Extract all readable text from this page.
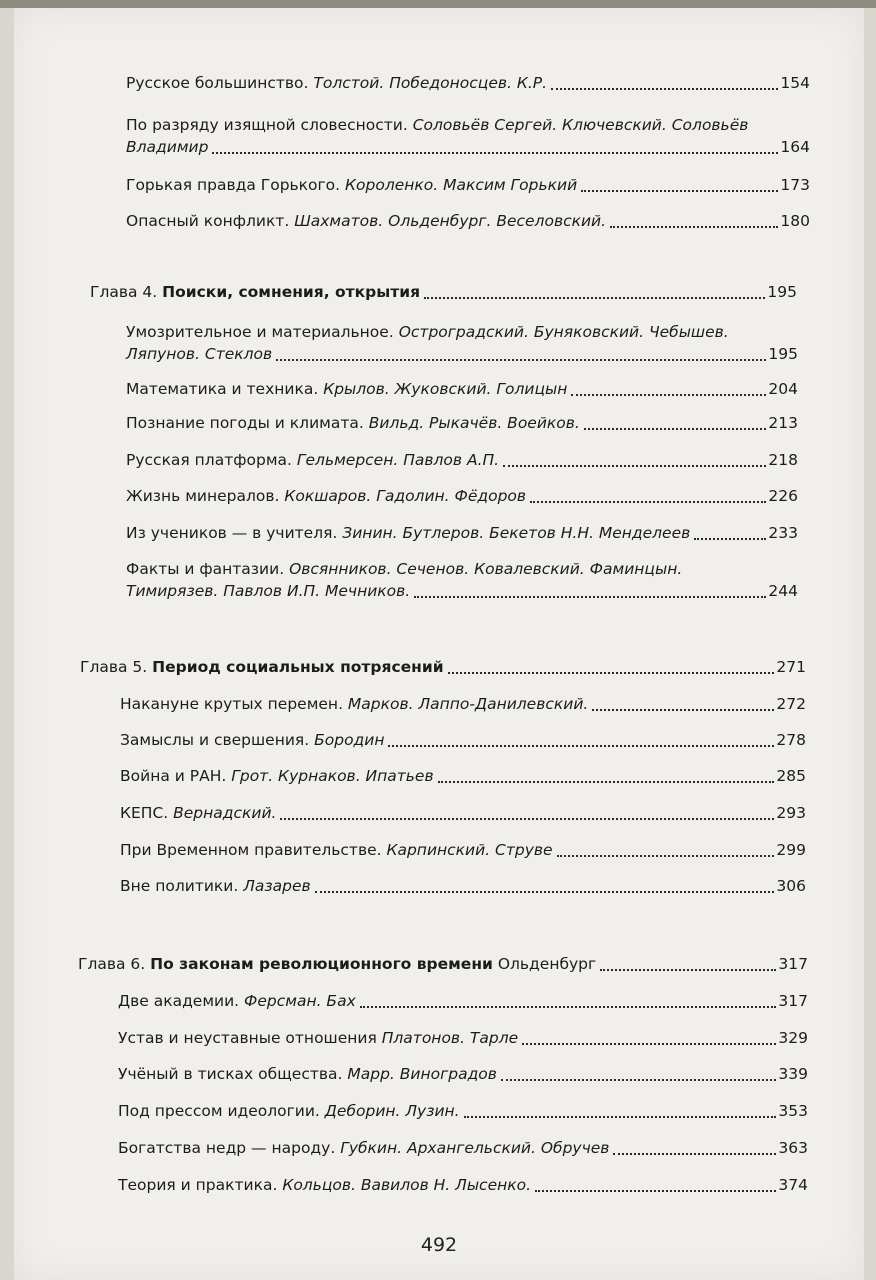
Русское большинство. Толстой. Победоносцев. К.Р.	154
По разряду изящной словесности. Соловьёв Сергей. Ключевский. Соловьёв
Владимир	164
Горькая правда Горького. Короленко. Максим Горький	173
Опасный конфликт. Шахматов. Ольденбург. Веселовский.	180
Глава 4. Поиски, сомнения, открытия	195
Умозрительное и материальное. Остроградский. Буняковский. Чебышев.
Ляпунов. Стеклов	195
Математика и техника. Крылов. Жуковский. Голицын	204
Познание погоды и климата. Вильд. Рыкачёв. Воейков.	213
Русская платформа. Гельмерсен. Павлов А.П.	218
Жизнь минералов. Кокшаров. Гадолин. Фёдоров	226
Из учеников — в учителя. Зинин. Бутлеров. Бекетов Н.Н. Менделеев	233
Факты и фантазии. Овсянников. Сеченов. Ковалевский. Фаминцын.
Тимирязев. Павлов И.П. Мечников.	244
Глава 5. Период социальных потрясений	271
Накануне крутых перемен. Марков. Лаппо-Данилевский.	272
Замыслы и свершения. Бородин	278
Война и РАН. Грот. Курнаков. Ипатьев	285
КЕПС. Вернадский.	293
При Временном правительстве. Карпинский. Струве	299
Вне политики. Лазарев	306
Глава 6. По законам революционного времени Ольденбург	317
Две академии. Ферсман. Бах	317
Устав и неуставные отношения Платонов. Тарле	329
Учёный в тисках общества. Марр. Виноградов	339
Под прессом идеологии. Деборин. Лузин.	353
Богатства недр — народу. Губкин. Архангельский. Обручев	363
Теория и практика. Кольцов. Вавилов Н. Лысенко.	374
492
